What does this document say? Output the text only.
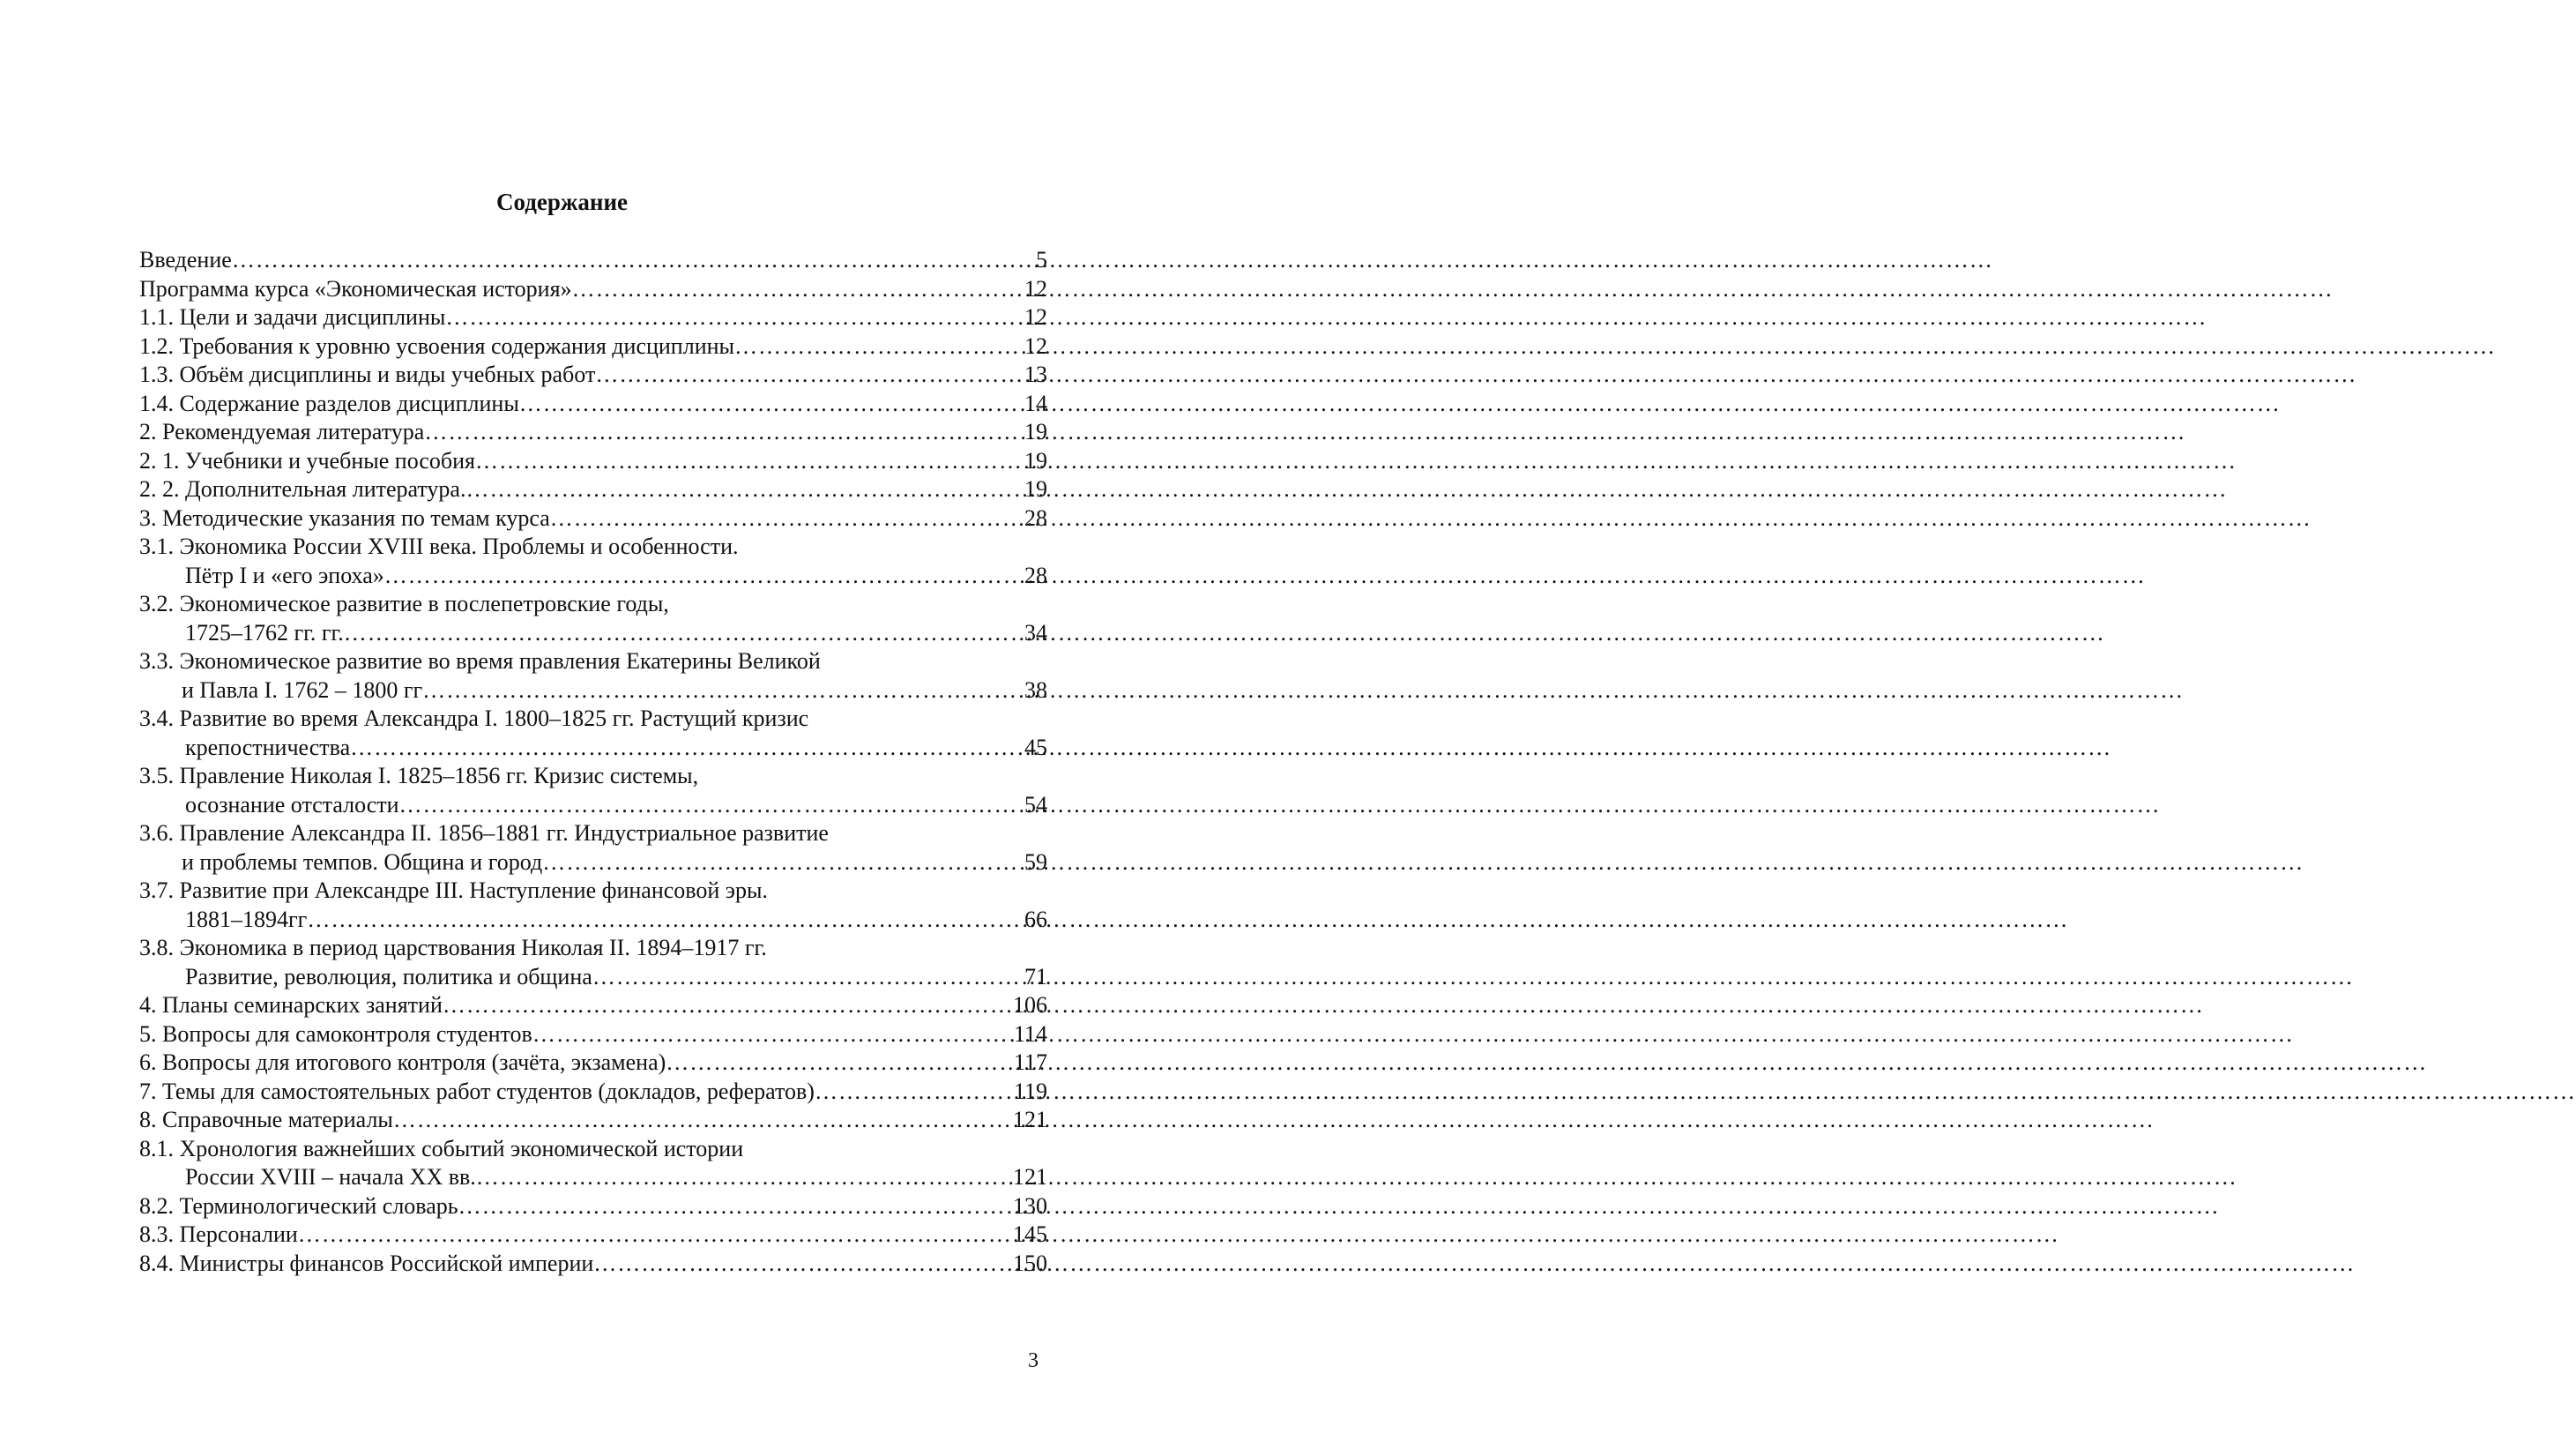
Содержание
Введение ……………………………………………………………………………………………………………………………………………………………………………………………………	5
Программа курса «Экономическая история» ……………………………………………………………………………………………………………………………………………………………………………………………………	12
1.1. Цели и задачи дисциплины ……………………………………………………………………………………………………………………………………………………………………………………………………	12
1.2. Требования к уровню усвоения содержания дисциплины ……………………………………………………………………………………………………………………………………………………………………………………………………	12
1.3. Объём дисциплины и виды учебных работ ……………………………………………………………………………………………………………………………………………………………………………………………………	13
1.4. Содержание разделов дисциплины ……………………………………………………………………………………………………………………………………………………………………………………………………	14
2. Рекомендуемая литература ……………………………………………………………………………………………………………………………………………………………………………………………………	19
2. 1. Учебники и учебные пособия ……………………………………………………………………………………………………………………………………………………………………………………………………	19
2. 2. Дополнительная литература. ……………………………………………………………………………………………………………………………………………………………………………………………………	19
3. Методические указания по темам курса ……………………………………………………………………………………………………………………………………………………………………………………………………	28
3.1. Экономика России XVIII века. Проблемы и особенности.
Пётр I и «его эпоха» ……………………………………………………………………………………………………………………………………………………………………………………………………	28
3.2. Экономическое развитие в послепетровские годы,
1725–1762 гг. гг. ……………………………………………………………………………………………………………………………………………………………………………………………………	34
3.3. Экономическое развитие во время правления Екатерины Великой
и Павла I. 1762 – 1800 гг ……………………………………………………………………………………………………………………………………………………………………………………………………	38
3.4. Развитие во время Александра I. 1800–1825 гг. Растущий кризис
крепостничества ……………………………………………………………………………………………………………………………………………………………………………………………………	45
3.5. Правление Николая I. 1825–1856 гг. Кризис системы,
осознание отсталости ……………………………………………………………………………………………………………………………………………………………………………………………………	54
3.6. Правление Александра II. 1856–1881 гг. Индустриальное развитие
и проблемы темпов. Община и город ……………………………………………………………………………………………………………………………………………………………………………………………………	59
3.7. Развитие при Александре III. Наступление финансовой эры.
1881–1894гг ……………………………………………………………………………………………………………………………………………………………………………………………………	66
3.8. Экономика в период царствования Николая II. 1894–1917 гг.
Развитие, революция, политика и община ……………………………………………………………………………………………………………………………………………………………………………………………………	71
4. Планы семинарских занятий ……………………………………………………………………………………………………………………………………………………………………………………………………	106
5. Вопросы для самоконтроля студентов ……………………………………………………………………………………………………………………………………………………………………………………………………	114
6. Вопросы для итогового контроля (зачёта, экзамена) ……………………………………………………………………………………………………………………………………………………………………………………………………	117
7. Темы для самостоятельных работ студентов (докладов, рефератов) ……………………………………………………………………………………………………………………………………………………………………………………………………	119
8. Справочные материалы ……………………………………………………………………………………………………………………………………………………………………………………………………	121
8.1. Хронология важнейших событий экономической истории
России XVIII – начала XX вв. ……………………………………………………………………………………………………………………………………………………………………………………………………	121
8.2. Терминологический словарь ……………………………………………………………………………………………………………………………………………………………………………………………………	130
8.3. Персоналии ……………………………………………………………………………………………………………………………………………………………………………………………………	145
8.4. Министры финансов Российской империи ……………………………………………………………………………………………………………………………………………………………………………………………………	150
3
